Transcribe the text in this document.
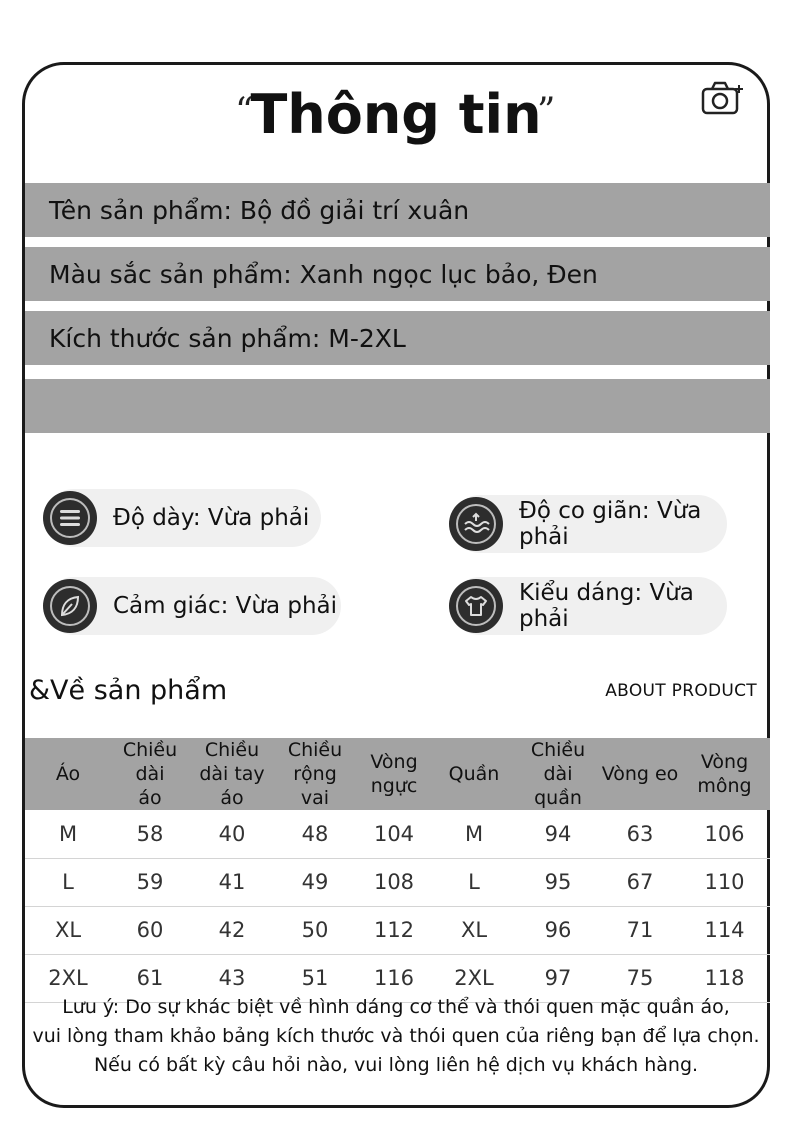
“
Thông tin
”
Tên sản phẩm: Bộ đồ giải trí xuân
Màu sắc sản phẩm: Xanh ngọc lục bảo, Đen
Kích thước sản phẩm: M-2XL
Độ dày: Vừa phải	Độ co giãn: Vừa phải
Cảm giác: Vừa phải	Kiểu dáng: Vừa phải
&Về sản phẩm	ABOUT PRODUCT
Áo	Chiều dài áo	Chiều dài tay áo	Chiều rộng vai	Vòng ngực	Quần	Chiều dài quần	Vòng eo	Vòng mông
M	58	40	48	104	M	94	63	106
L	59	41	49	108	L	95	67	110
XL	60	42	50	112	XL	96	71	114
2XL	61	43	51	116	2XL	97	75	118
Lưu ý: Do sự khác biệt về hình dáng cơ thể và thói quen mặc quần áo,
vui lòng tham khảo bảng kích thước và thói quen của riêng bạn để lựa chọn.
Nếu có bất kỳ câu hỏi nào, vui lòng liên hệ dịch vụ khách hàng.
